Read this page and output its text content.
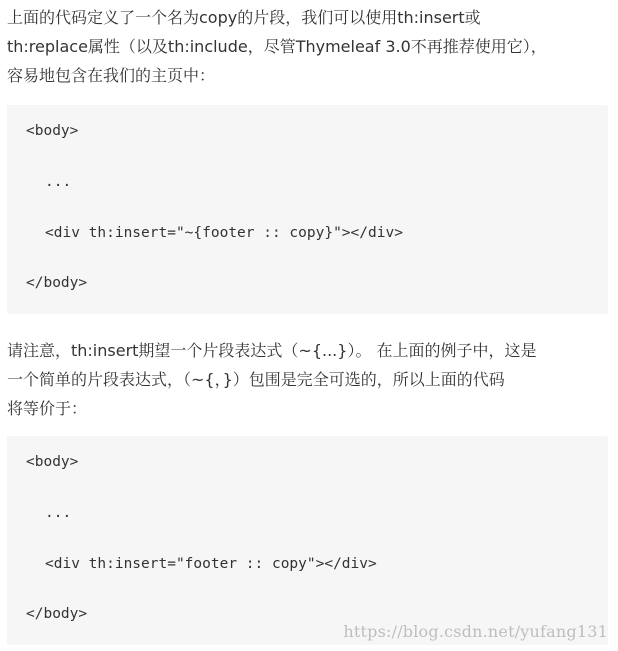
上面的代码定义了一个名为copy的片段，我们可以使用th:insert或
th:replace属性（以及th:include，尽管Thymeleaf 3.0不再推荐使用它），
容易地包含在我们的主页中：

<body>
...
<div th:insert="~{footer :: copy}"></div>
</body>

请注意，th:insert期望一个片段表达式（~{...}）。 在上面的例子中，这是
一个简单的片段表达式，（~{，}）包围是完全可选的，所以上面的代码
将等价于：

<body>
...
<div th:insert="footer :: copy"></div>
</body>
https://blog.csdn.net/yufang131
